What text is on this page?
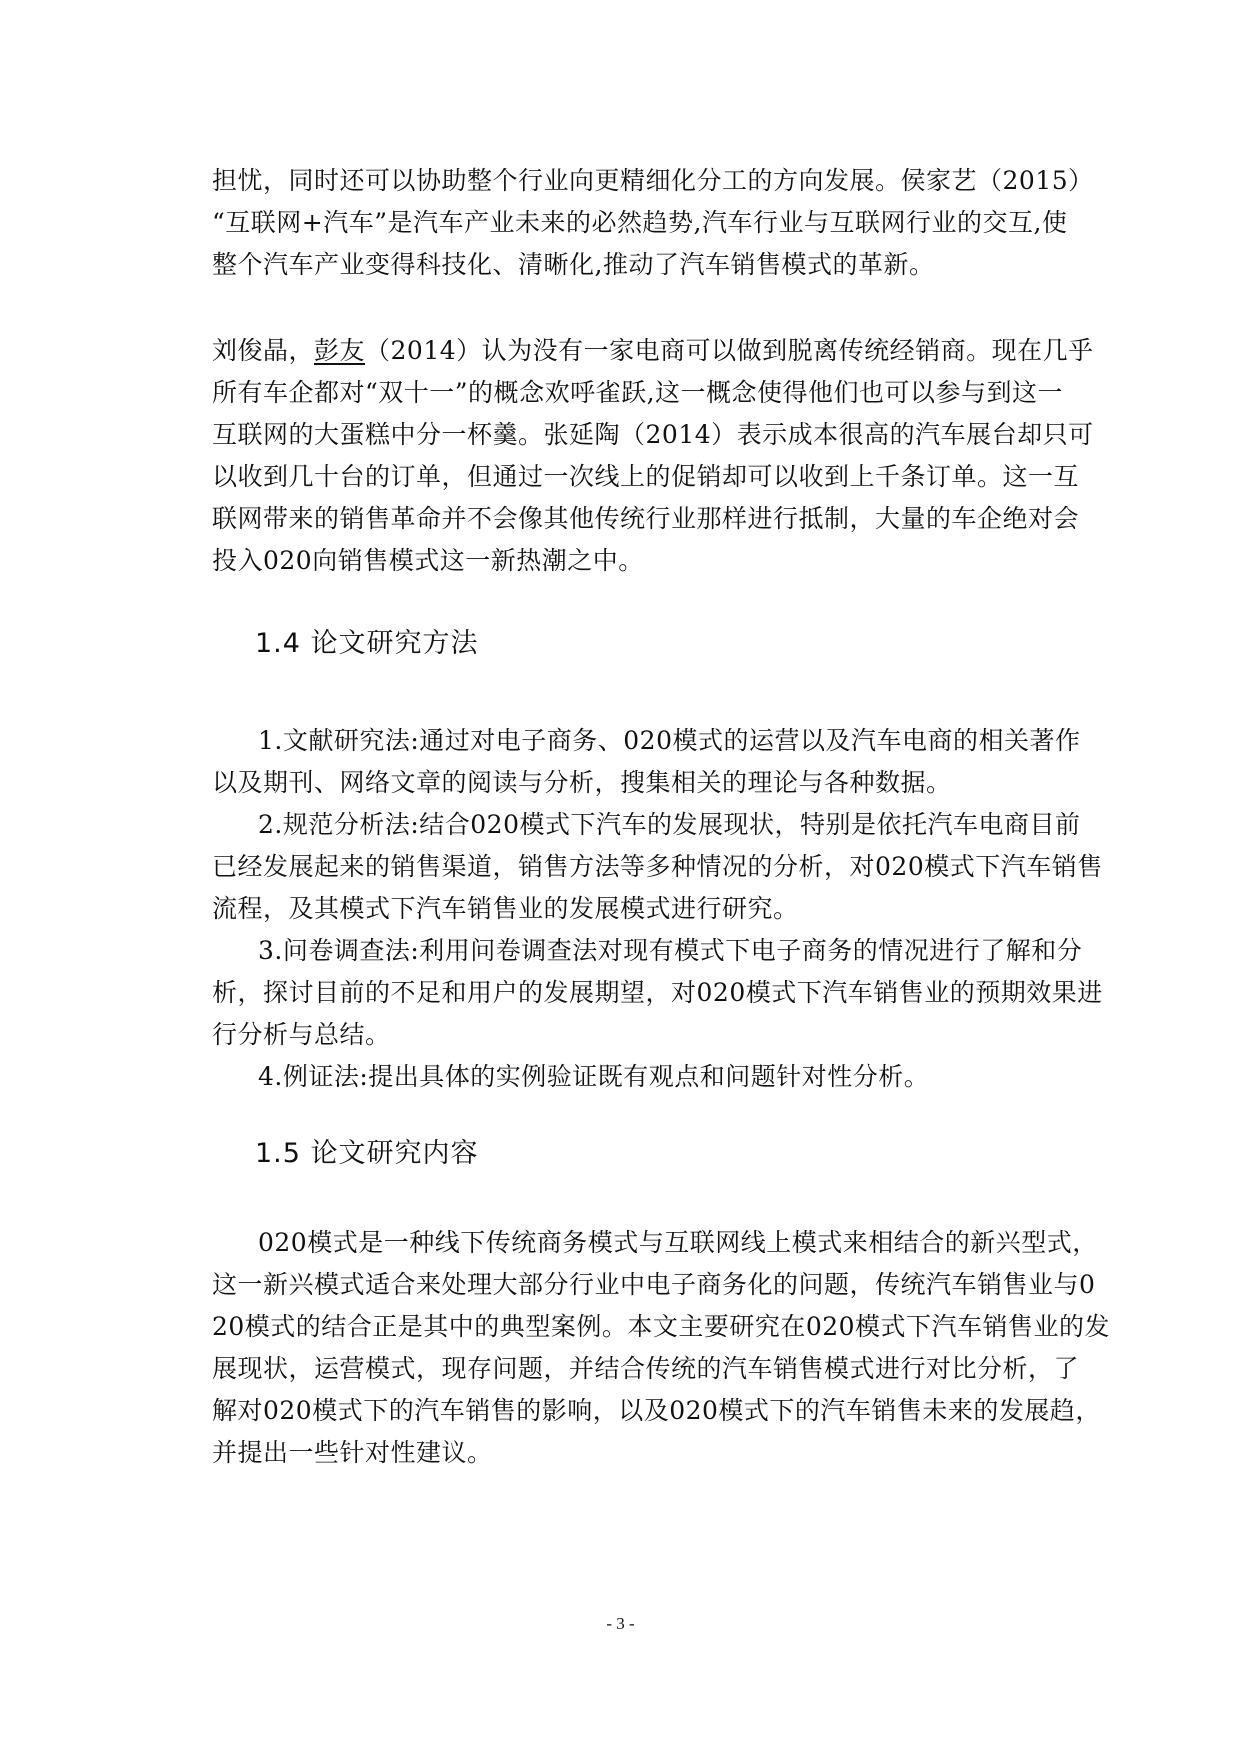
担忧，同时还可以协助整个行业向更精细化分工的方向发展。侯家艺（2015）
“互联网+汽车”是汽车产业未来的必然趋势,汽车行业与互联网行业的交互,使
整个汽车产业变得科技化、清晰化,推动了汽车销售模式的革新。
刘俊晶，彭友（2014）认为没有一家电商可以做到脱离传统经销商。现在几乎
所有车企都对“双十一”的概念欢呼雀跃,这一概念使得他们也可以参与到这一
互联网的大蛋糕中分一杯羹。张延陶（2014）表示成本很高的汽车展台却只可
以收到几十台的订单，但通过一次线上的促销却可以收到上千条订单。这一互
联网带来的销售革命并不会像其他传统行业那样进行抵制，大量的车企绝对会
投入020向销售模式这一新热潮之中。
1.4 论文研究方法
1.文献研究法:通过对电子商务、020模式的运营以及汽车电商的相关著作
以及期刊、网络文章的阅读与分析，搜集相关的理论与各种数据。
2.规范分析法:结合020模式下汽车的发展现状，特别是依托汽车电商目前
已经发展起来的销售渠道，销售方法等多种情况的分析，对020模式下汽车销售
流程，及其模式下汽车销售业的发展模式进行研究。
3.问卷调查法:利用问卷调查法对现有模式下电子商务的情况进行了解和分
析，探讨目前的不足和用户的发展期望，对020模式下汽车销售业的预期效果进
行分析与总结。
4.例证法:提出具体的实例验证既有观点和问题针对性分析。
1.5 论文研究内容
020模式是一种线下传统商务模式与互联网线上模式来相结合的新兴型式，
这一新兴模式适合来处理大部分行业中电子商务化的问题，传统汽车销售业与0
20模式的结合正是其中的典型案例。本文主要研究在020模式下汽车销售业的发
展现状，运营模式，现存问题，并结合传统的汽车销售模式进行对比分析，了
解对020模式下的汽车销售的影响，以及020模式下的汽车销售未来的发展趋，
并提出一些针对性建议。
- 3 -
